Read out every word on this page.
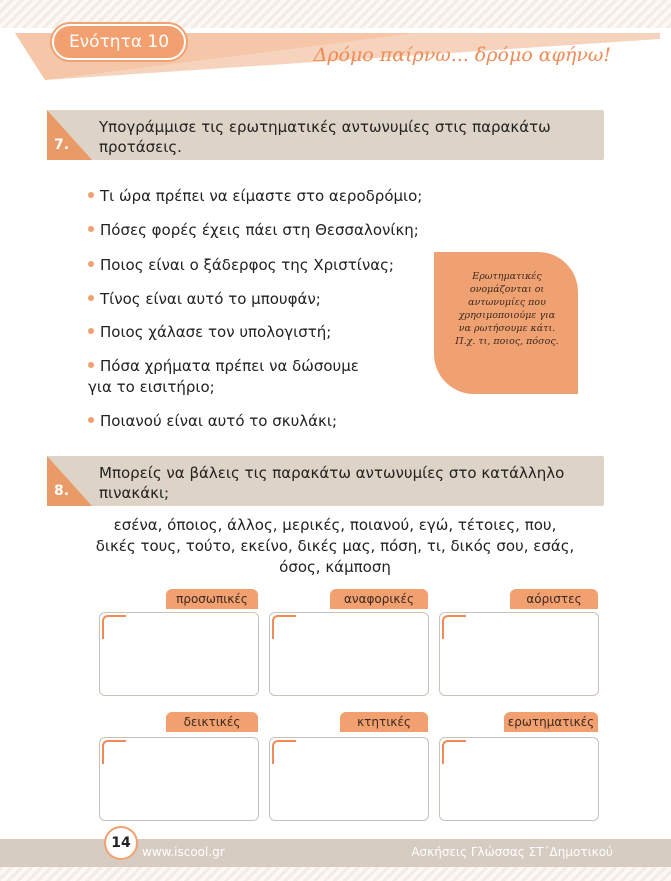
Ενότητα 10
Δρόμο παίρνω... δρόμο αφήνω!
7.
Υπογράμμισε τις ερωτηματικές αντωνυμίες στις παρακάτω
προτάσεις.
Τι ώρα πρέπει να είμαστε στο αεροδρόμιο;
Πόσες φορές έχεις πάει στη Θεσσαλονίκη;
Ποιος είναι ο ξάδερφος της Χριστίνας;
Τίνος είναι αυτό το μπουφάν;
Ποιος χάλασε τον υπολογιστή;
Πόσα χρήματα πρέπει να δώσουμε
για το εισιτήριο;
Ποιανού είναι αυτό το σκυλάκι;
Ερωτηματικές
ονομάζονται οι
αντωνυμίες που
χρησιμοποιούμε για
να ρωτήσουμε κάτι.
Π.χ. τι, ποιος, πόσος.
8.
Μπορείς να βάλεις τις παρακάτω αντωνυμίες στο κατάλληλο
πινακάκι;
εσένα, όποιος, άλλος, μερικές, ποιανού, εγώ, τέτοιες, που,
δικές τους, τούτο, εκείνο, δικές μας, πόση, τι, δικός σου, εσάς,
όσος, κάμποση
προσωπικές	αναφορικές	αόριστες
δεικτικές	κτητικές	ερωτηματικές
14
www.iscool.gr	Ασκήσεις Γλώσσας ΣΤ΄Δημοτικού
